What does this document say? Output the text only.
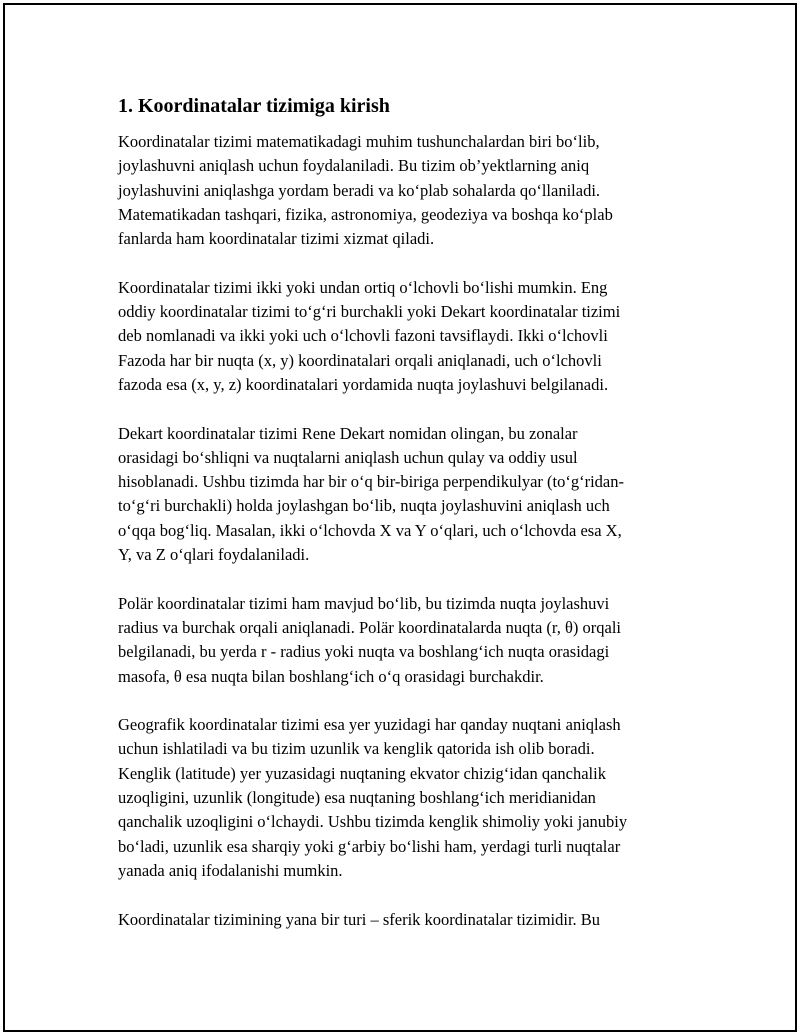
1. Koordinatalar tizimiga kirish

Koordinatalar tizimi matematikadagi muhim tushunchalardan biri bo‘lib,
joylashuvni aniqlash uchun foydalaniladi. Bu tizim ob’yektlarning aniq
joylashuvini aniqlashga yordam beradi va ko‘plab sohalarda qo‘llaniladi.
Matematikadan tashqari, fizika, astronomiya, geodeziya va boshqa ko‘plab
fanlarda ham koordinatalar tizimi xizmat qiladi.

Koordinatalar tizimi ikki yoki undan ortiq o‘lchovli bo‘lishi mumkin. Eng
oddiy koordinatalar tizimi to‘g‘ri burchakli yoki Dekart koordinatalar tizimi
deb nomlanadi va ikki yoki uch o‘lchovli fazoni tavsiflaydi. Ikki o‘lchovli
Fazoda har bir nuqta (x, y) koordinatalari orqali aniqlanadi, uch o‘lchovli
fazoda esa (x, y, z) koordinatalari yordamida nuqta joylashuvi belgilanadi.

Dekart koordinatalar tizimi Rene Dekart nomidan olingan, bu zonalar
orasidagi bo‘shliqni va nuqtalarni aniqlash uchun qulay va oddiy usul
hisoblanadi. Ushbu tizimda har bir o‘q bir-biriga perpendikulyar (to‘g‘ridan-
to‘g‘ri burchakli) holda joylashgan bo‘lib, nuqta joylashuvini aniqlash uch
o‘qqa bog‘liq. Masalan, ikki o‘lchovda X va Y o‘qlari, uch o‘lchovda esa X,
Y, va Z o‘qlari foydalaniladi.

Polär koordinatalar tizimi ham mavjud bo‘lib, bu tizimda nuqta joylashuvi
radius va burchak orqali aniqlanadi. Polär koordinatalarda nuqta (r, θ) orqali
belgilanadi, bu yerda r - radius yoki nuqta va boshlang‘ich nuqta orasidagi
masofa, θ esa nuqta bilan boshlang‘ich o‘q orasidagi burchakdir.

Geografik koordinatalar tizimi esa yer yuzidagi har qanday nuqtani aniqlash
uchun ishlatiladi va bu tizim uzunlik va kenglik qatorida ish olib boradi.
Kenglik (latitude) yer yuzasidagi nuqtaning ekvator chizig‘idan qanchalik
uzoqligini, uzunlik (longitude) esa nuqtaning boshlang‘ich meridianidan
qanchalik uzoqligini o‘lchaydi. Ushbu tizimda kenglik shimoliy yoki janubiy
bo‘ladi, uzunlik esa sharqiy yoki g‘arbiy bo‘lishi ham, yerdagi turli nuqtalar
yanada aniq ifodalanishi mumkin.

Koordinatalar tizimining yana bir turi – sferik koordinatalar tizimidir. Bu
